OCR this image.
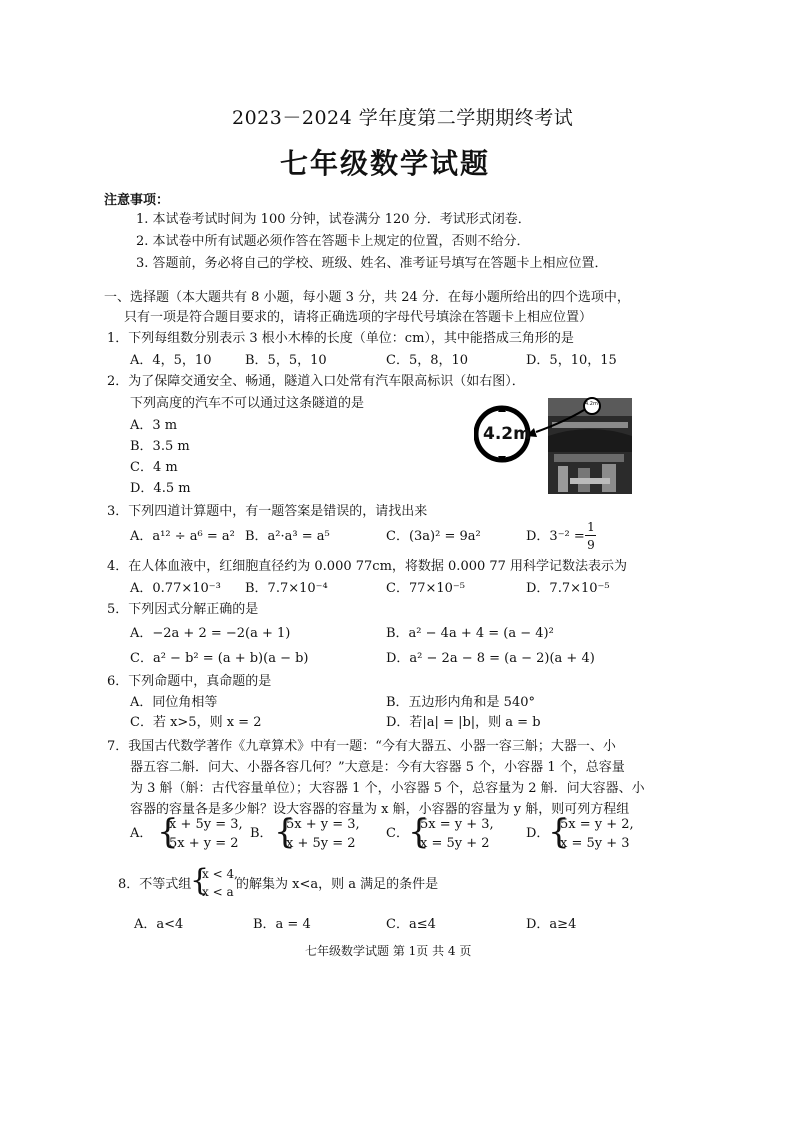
2023－2024 学年度第二学期期终考试
七年级数学试题
注意事项：
1. 本试卷考试时间为 100 分钟，试卷满分 120 分．考试形式闭卷．
2. 本试卷中所有试题必须作答在答题卡上规定的位置，否则不给分．
3. 答题前，务必将自己的学校、班级、姓名、准考证号填写在答题卡上相应位置．
一、选择题（本大题共有 8 小题，每小题 3 分，共 24 分．在每小题所给出的四个选项中，
只有一项是符合题目要求的，请将正确选项的字母代号填涂在答题卡上相应位置）
1．下列每组数分别表示 3 根小木棒的长度（单位：cm），其中能搭成三角形的是
A．4，5，10	B．5，5，10	C．5，8，10	D．5，10，15
2．为了保障交通安全、畅通，隧道入口处常有汽车限高标识（如右图）．
下列高度的汽车不可以通过这条隧道的是
A．3 m
B．3.5 m
C．4 m
D．4.5 m
4.2m
4.2m
3．下列四道计算题中，有一题答案是错误的，请找出来
A．a¹² ÷ a⁶ = a² B．a²·a³ = a⁵	C．(3a)² = 9a²	D．3⁻² =
1
9
4．在人体血液中，红细胞直径约为 0.000 77cm，将数据 0.000 77 用科学记数法表示为
A．0.77×10⁻³ B．7.7×10⁻⁴	C．77×10⁻⁵	D．7.7×10⁻⁵
5．下列因式分解正确的是
A．−2a + 2 = −2(a + 1)	B．a² − 4a + 4 = (a − 4)²
C．a² − b² = (a + b)(a − b)	D．a² − 2a − 8 = (a − 2)(a + 4)
6．下列命题中，真命题的是
A．同位角相等	B．五边形内角和是 540°
C．若 x>5，则 x = 2	D．若|a| = |b|，则 a = b
7．我国古代数学著作《九章算术》中有一题：“今有大器五、小器一容三斛；大器一、小
器五容二斛．问大、小器各容几何？”大意是：今有大容器 5 个，小容器 1 个，总容量
为 3 斛（斛：古代容量单位）；大容器 1 个，小容器 5 个，总容量为 2 斛．问大容器、小
容器的容量各是多少斛？设大容器的容量为 x 斛，小容器的容量为 y 斛，则可列方程组
A． {
x + 5y = 3,
5x + y = 2
B． {
5x + y = 3,
x + 5y = 2
C． {
5x = y + 3,
x = 5y + 2
D．
{
5x = y + 2,
x = 5y + 3
8．不等式组
{
x < 4,
x < a 的解集为 x<a，则 a 满足的条件是
A．a<4	B．a = 4	C．a≤4	D．a≥4
七年级数学试题 第 1页 共 4 页
